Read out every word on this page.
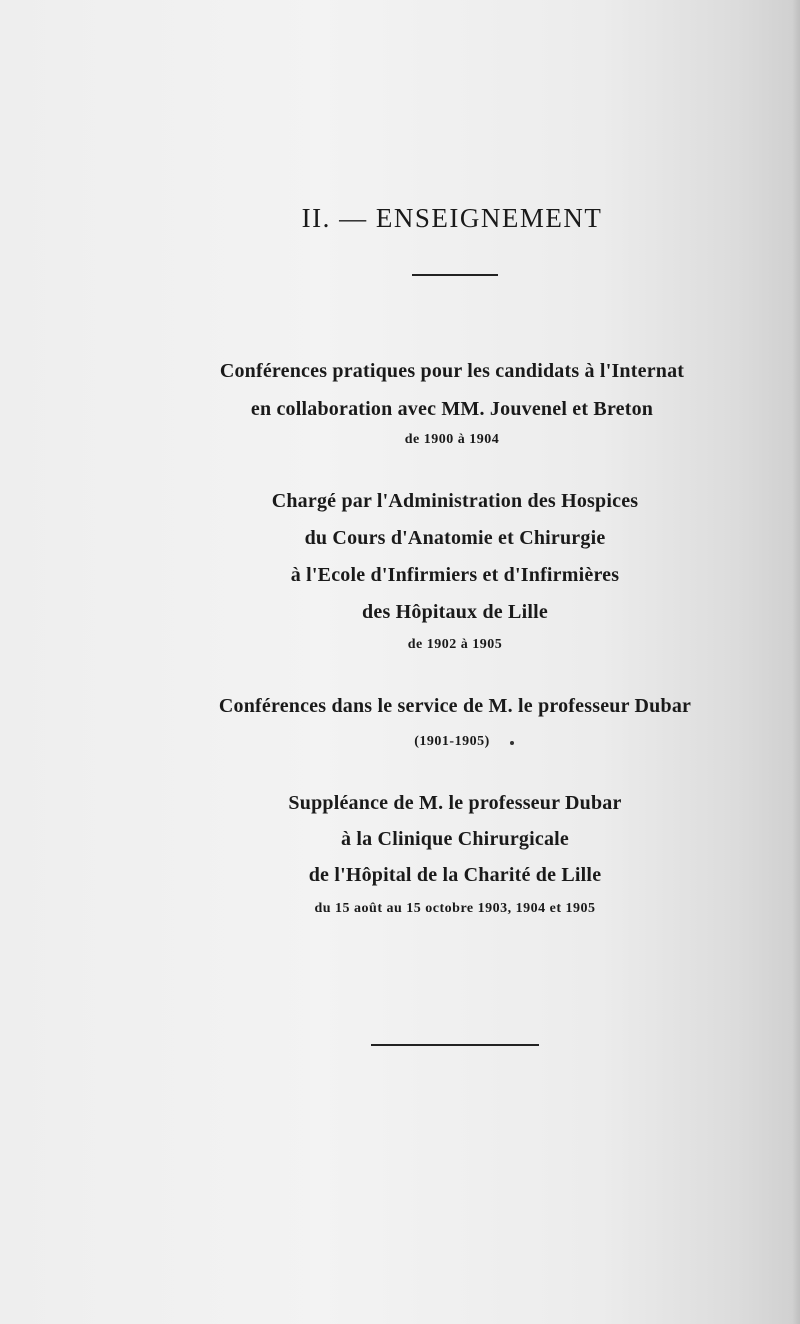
II. — ENSEIGNEMENT
Conférences pratiques pour les candidats à l'Internat
en collaboration avec MM. Jouvenel et Breton
de 1900 à 1904
Chargé par l'Administration des Hospices
du Cours d'Anatomie et Chirurgie
à l'Ecole d'Infirmiers et d'Infirmières
des Hôpitaux de Lille
de 1902 à 1905
Conférences dans le service de M. le professeur Dubar
(1901-1905)
Suppléance de M. le professeur Dubar
à la Clinique Chirurgicale
de l'Hôpital de la Charité de Lille
du 15 août au 15 octobre 1903, 1904 et 1905
